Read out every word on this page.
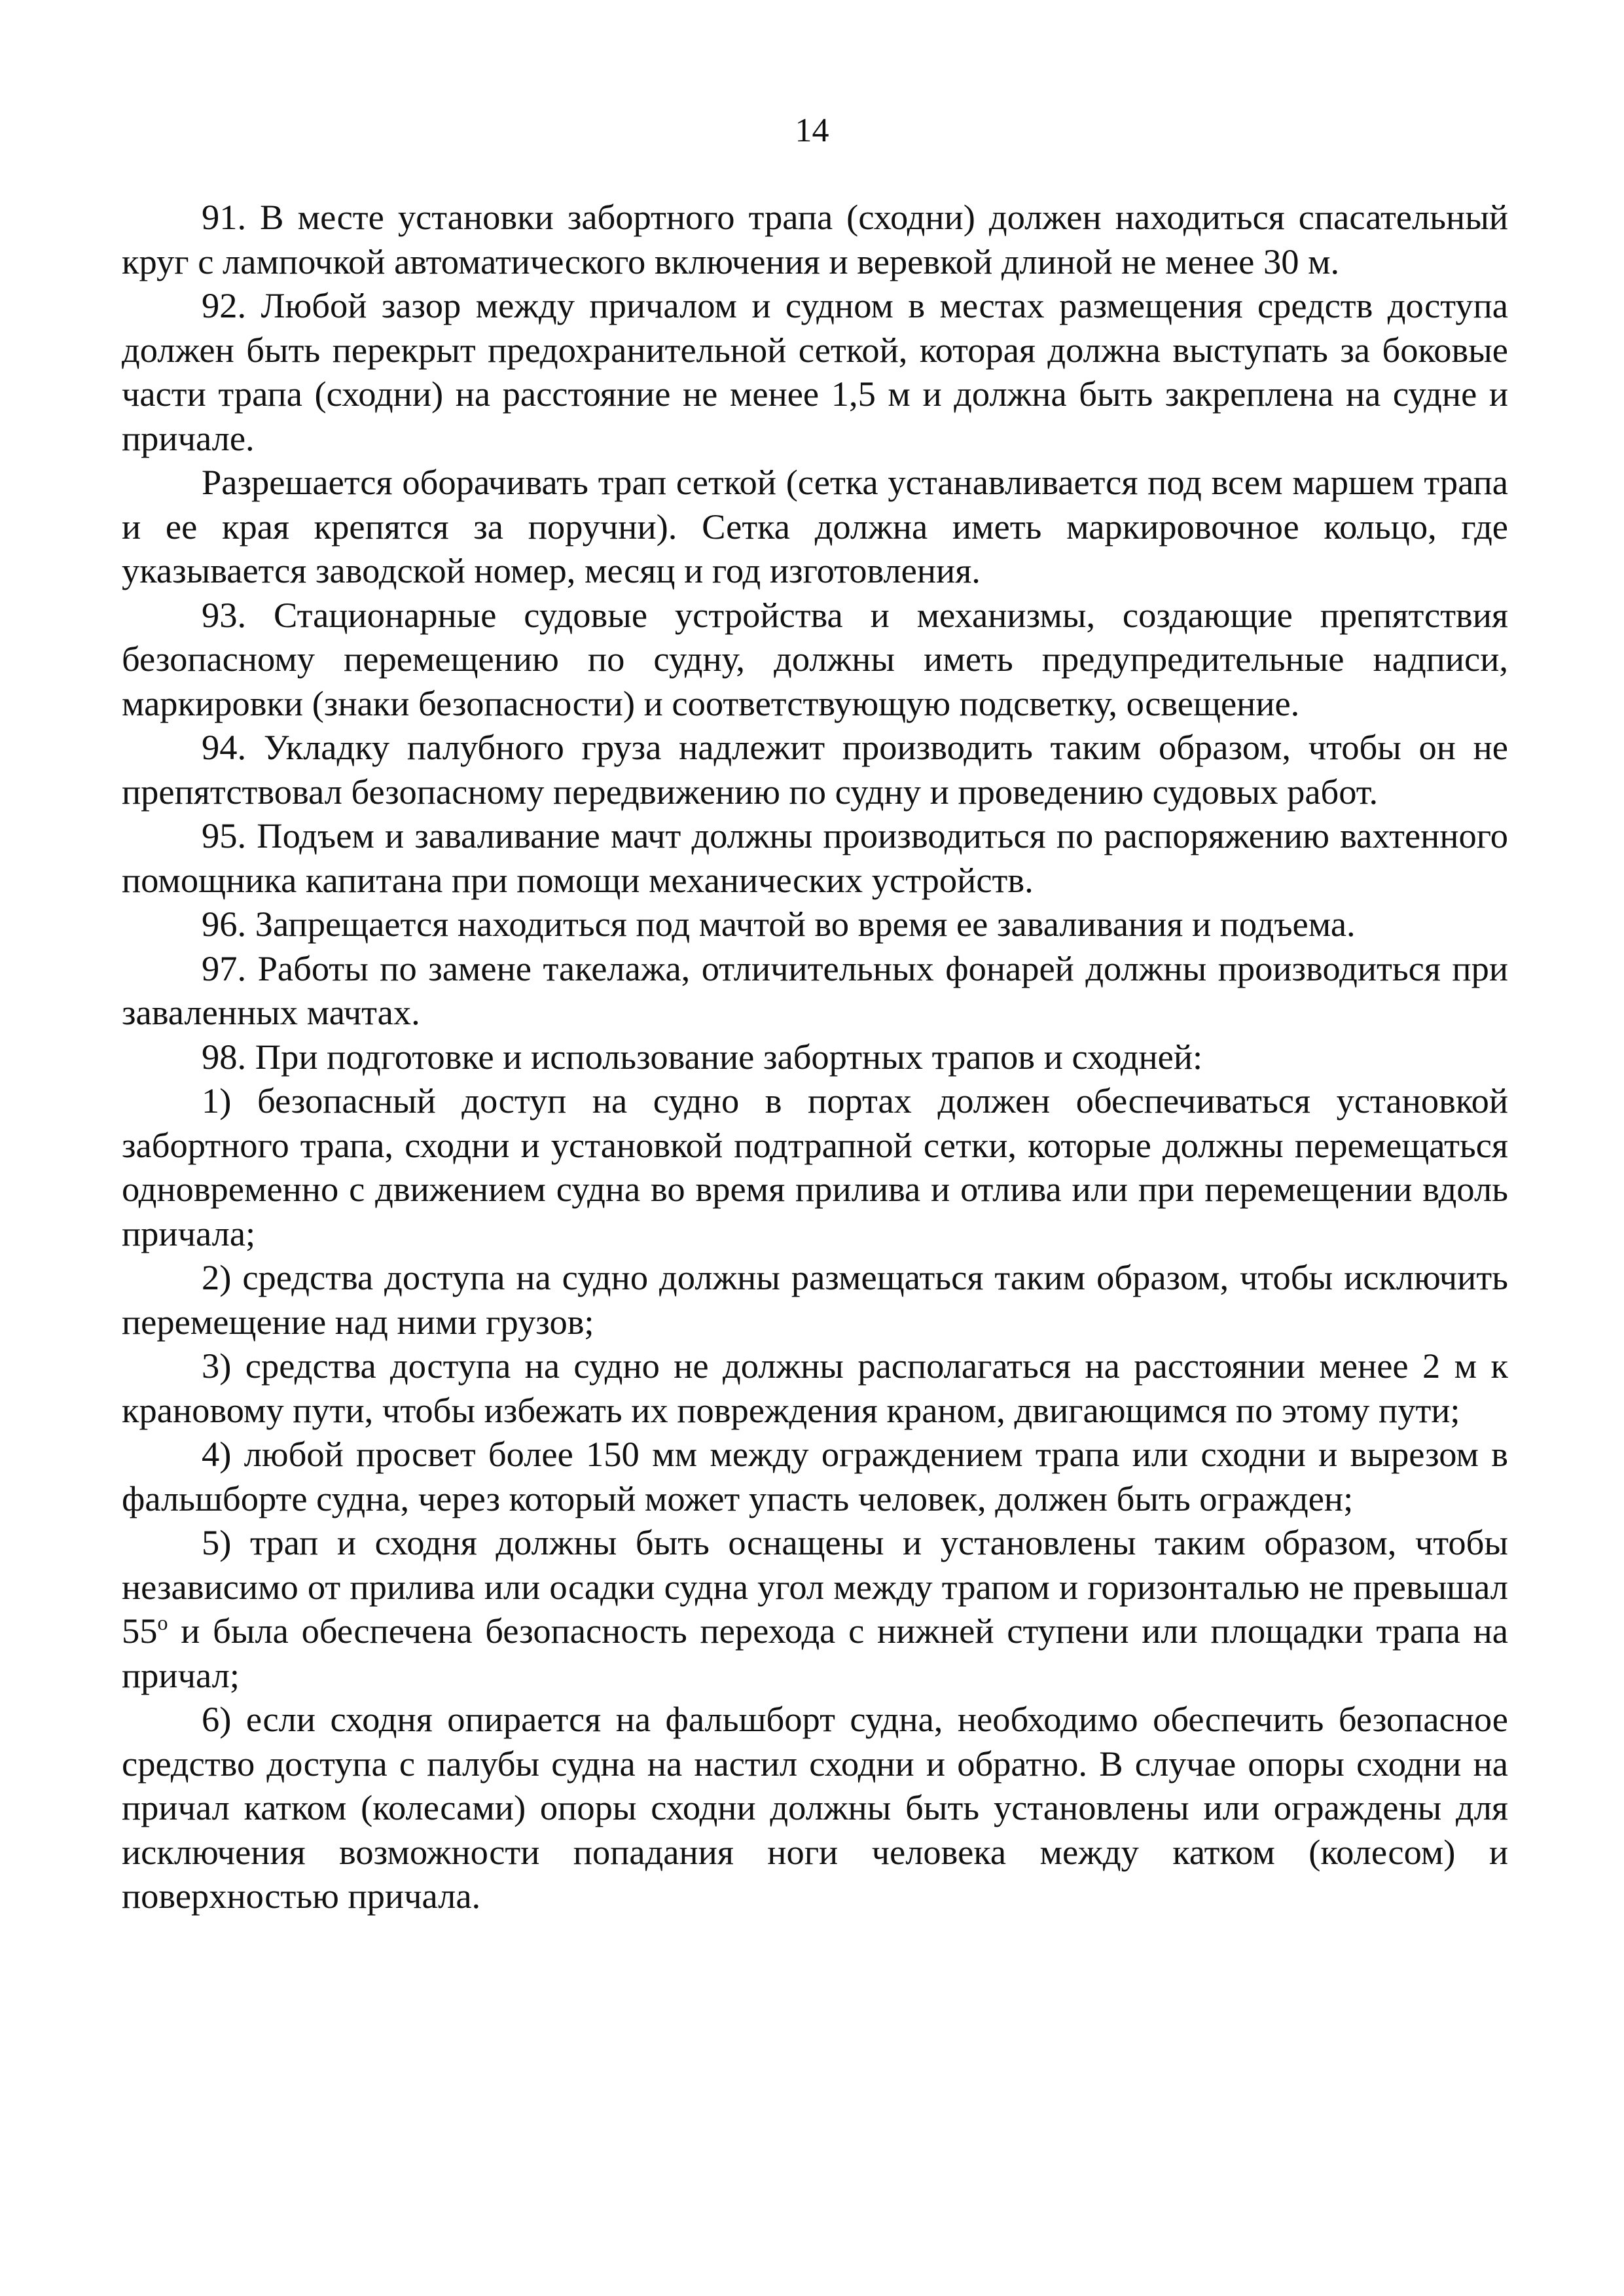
14

91. В месте установки забортного трапа (сходни) должен находиться спасательный круг с лампочкой автоматического включения и веревкой длиной не менее 30 м.

92. Любой зазор между причалом и судном в местах размещения средств доступа должен быть перекрыт предохранительной сеткой, которая должна выступать за боковые части трапа (сходни) на расстояние не менее 1,5 м и должна быть закреплена на судне и причале.

Разрешается оборачивать трап сеткой (сетка устанавливается под всем маршем трапа и ее края крепятся за поручни). Сетка должна иметь маркировочное кольцо, где указывается заводской номер, месяц и год изготовления.

93. Стационарные судовые устройства и механизмы, создающие препятствия безопасному перемещению по судну, должны иметь предупредительные надписи, маркировки (знаки безопасности) и соответствующую подсветку, освещение.

94. Укладку палубного груза надлежит производить таким образом, чтобы он не препятствовал безопасному передвижению по судну и проведению судовых работ.

95. Подъем и заваливание мачт должны производиться по распоряжению вахтенного помощника капитана при помощи механических устройств.

96. Запрещается находиться под мачтой во время ее заваливания и подъема.

97. Работы по замене такелажа, отличительных фонарей должны производиться при заваленных мачтах.

98. При подготовке и использование забортных трапов и сходней:

1) безопасный доступ на судно в портах должен обеспечиваться установкой забортного трапа, сходни и установкой подтрапной сетки, которые должны перемещаться одновременно с движением судна во время прилива и отлива или при перемещении вдоль причала;

2) средства доступа на судно должны размещаться таким образом, чтобы исключить перемещение над ними грузов;

3) средства доступа на судно не должны располагаться на расстоянии менее 2 м к крановому пути, чтобы избежать их повреждения краном, двигающимся по этому пути;

4) любой просвет более 150 мм между ограждением трапа или сходни и вырезом в фальшборте судна, через который может упасть человек, должен быть огражден;

5) трап и сходня должны быть оснащены и установлены таким образом, чтобы независимо от прилива или осадки судна угол между трапом и горизонталью не превышал 55$^o$ и была обеспечена безопасность перехода с нижней ступени или площадки трапа на причал;

6) если сходня опирается на фальшборт судна, необходимо обеспечить безопасное средство доступа с палубы судна на настил сходни и обратно. В случае опоры сходни на причал катком (колесами) опоры сходни должны быть установлены или ограждены для исключения возможности попадания ноги человека между катком (колесом) и поверхностью причала.
